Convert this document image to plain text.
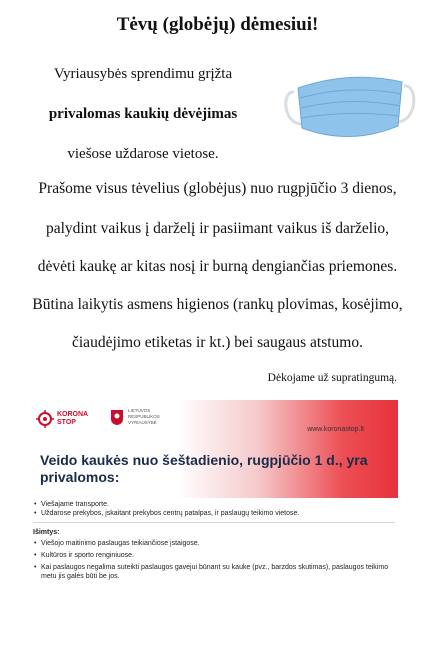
Tėvų (globėjų) dėmesiui!
Vyriausybės sprendimu grįžta
privalomas kaukių dėvėjimas
viešose uždarose vietose.
Prašome visus tėvelius (globėjus) nuo rugpjūčio 3 dienos,
palydint vaikus į darželį ir pasiimant vaikus iš darželio,
dėvėti kaukę ar kitas nosį ir burną dengiančias priemones.
Būtina laikytis asmens higienos (rankų plovimas, kosėjimo,
čiaudėjimo etiketas ir kt.) bei saugaus atstumo.
Dėkojame už supratingumą.
KORONA
STOP
LIETUVOS RESPUBLIKOS VYRIAUSYBĖ
www.koronastop.lt
Veido kaukės nuo šeštadienio, rugpjūčio 1 d., yra privalomos:
• Viešajame transporte.
• Uždarose prekybos, įskaitant prekybos centrų patalpas, ir paslaugų teikimo vietose.
Išimtys:
• Viešojo maitinimo paslaugas teikiančiose įstaigose.
• Kultūros ir sporto renginiuose.
• Kai paslaugos negalima suteikti paslaugos gavėjui būnant su kauke (pvz., barzdos skutimas), paslaugos teikimo metu jis galės būti be jos.
